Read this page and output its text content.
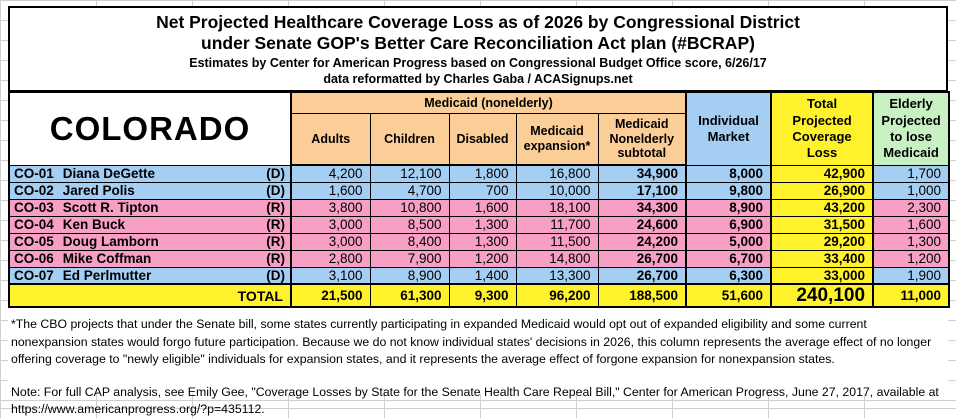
Net Projected Healthcare Coverage Loss as of 2026 by Congressional District
under Senate GOP's Better Care Reconciliation Act plan (#BCRAP)
Estimates by Center for American Progress based on Congressional Budget Office score, 6/26/17
data reformatted by Charles Gaba / ACASignups.net
COLORADO	Medicaid (nonelderly)					Individual Market	Total Projected Coverage Loss	Elderly Projected to lose Medicaid
	Adults	Children	Disabled	Medicaid expansion*	Medicaid Nonelderly subtotal			

CO-01 Diana DeGette (D)	4,200	12,100	1,800	16,800	34,900	8,000	42,900	1,700

CO-02 Jared Polis (D)	1,600	4,700	700	10,000	17,100	9,800	26,900	1,000

CO-03 Scott R. Tipton (R)	3,800	10,800	1,600	18,100	34,300	8,900	43,200	2,300

CO-04 Ken Buck (R)	3,000	8,500	1,300	11,700	24,600	6,900	31,500	1,600

CO-05 Doug Lamborn (R)	3,000	8,400	1,300	11,500	24,200	5,000	29,200	1,300

CO-06 Mike Coffman (R)	2,800	7,900	1,200	14,800	26,700	6,700	33,400	1,200

CO-07 Ed Perlmutter (D)	3,100	8,900	1,400	13,300	26,700	6,300	33,000	1,900
TOTAL	21,500	61,300	9,300	96,200	188,500	51,600	240,100	11,000

*The CBO projects that under the Senate bill, some states currently participating in expanded Medicaid would opt out of expanded eligibility and some current nonexpansion states would forgo future participation. Because we do not know individual states' decisions in 2026, this column represents the average effect of no longer offering coverage to "newly eligible" individuals for expansion states, and it represents the average effect of forgone expansion for nonexpansion states.

Note: For full CAP analysis, see Emily Gee, "Coverage Losses by State for the Senate Health Care Repeal Bill," Center for American Progress, June 27, 2017, available at https://www.americanprogress.org/?p=435112.
